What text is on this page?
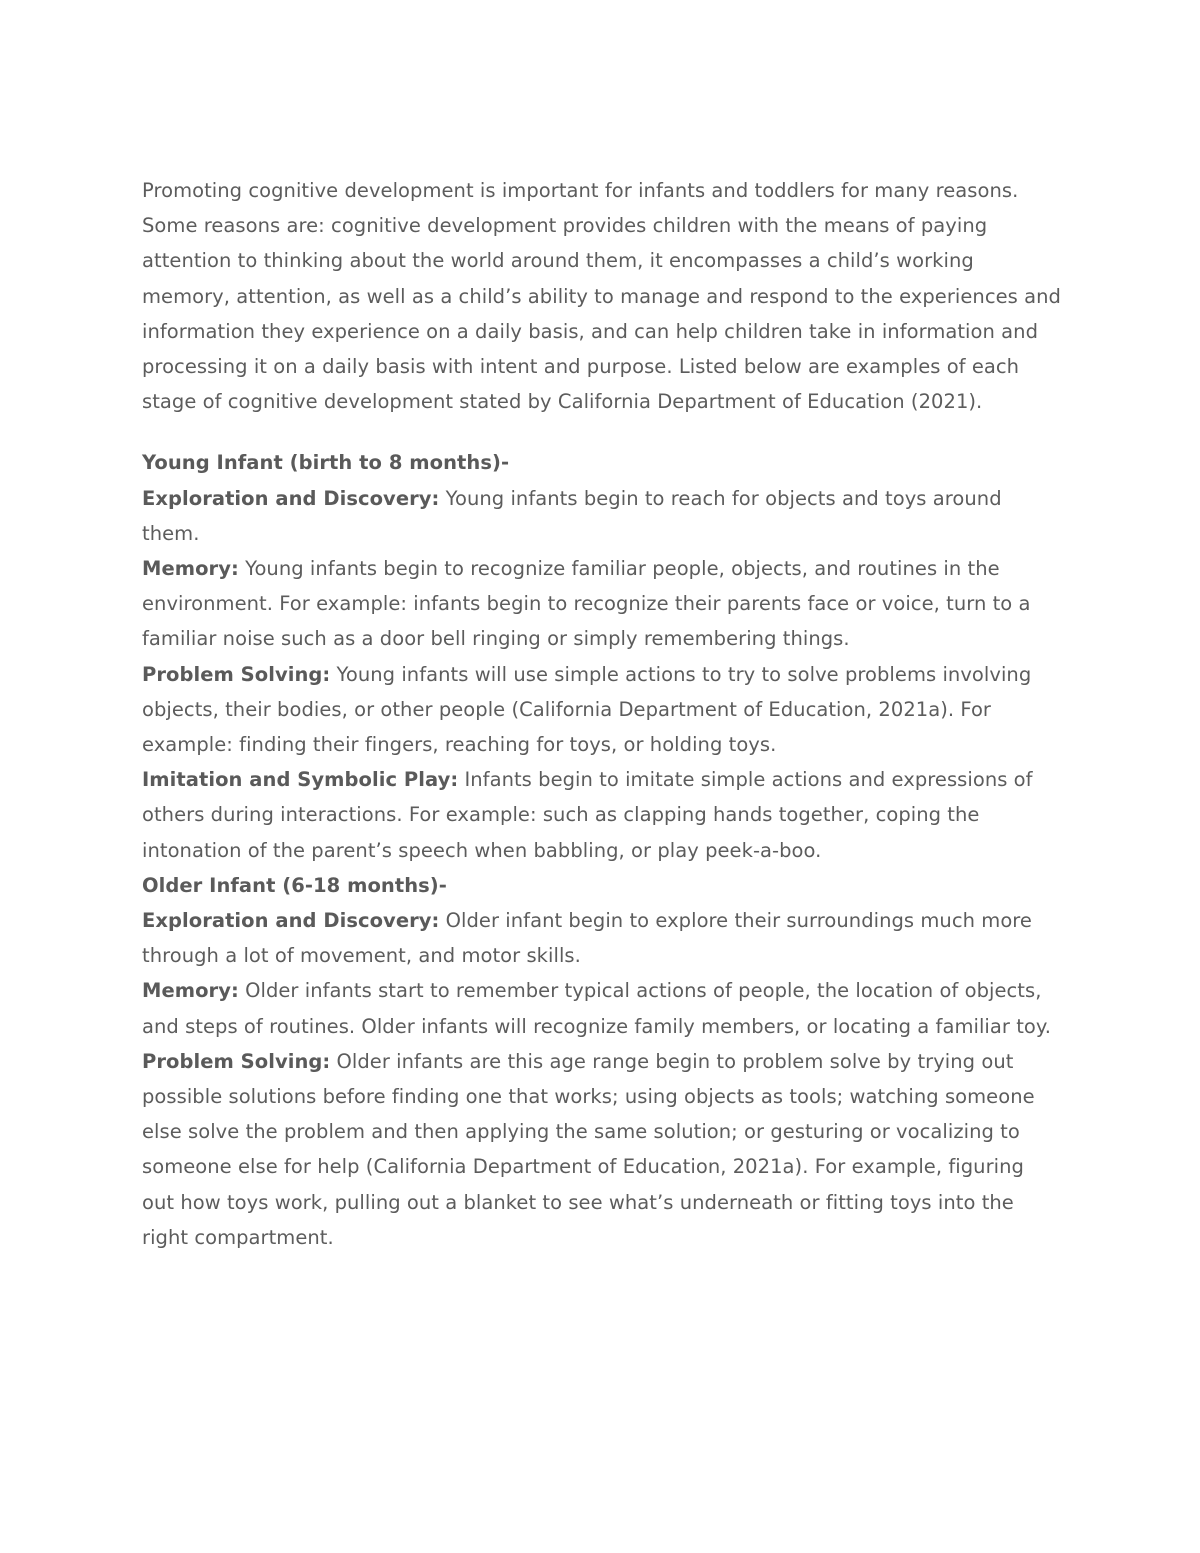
Promoting cognitive development is important for infants and toddlers for many reasons. Some reasons are: cognitive development provides children with the means of paying attention to thinking about the world around them, it encompasses a child’s working memory, attention, as well as a child’s ability to manage and respond to the experiences and information they experience on a daily basis, and can help children take in information and processing it on a daily basis with intent and purpose. Listed below are examples of each stage of cognitive development stated by California Department of Education (2021).

Young Infant (birth to 8 months)-

Exploration and Discovery: Young infants begin to reach for objects and toys around them.

Memory: Young infants begin to recognize familiar people, objects, and routines in the environment. For example: infants begin to recognize their parents face or voice, turn to a familiar noise such as a door bell ringing or simply remembering things.

Problem Solving: Young infants will use simple actions to try to solve problems involving objects, their bodies, or other people (California Department of Education, 2021a). For example: finding their fingers, reaching for toys, or holding toys.

Imitation and Symbolic Play: Infants begin to imitate simple actions and expressions of others during interactions. For example: such as clapping hands together, coping the intonation of the parent’s speech when babbling, or play peek-a-boo.

Older Infant (6-18 months)-

Exploration and Discovery: Older infant begin to explore their surroundings much more through a lot of movement, and motor skills.

Memory: Older infants start to remember typical actions of people, the location of objects, and steps of routines. Older infants will recognize family members, or locating a familiar toy.

Problem Solving: Older infants are this age range begin to problem solve by trying out possible solutions before finding one that works; using objects as tools; watching someone else solve the problem and then applying the same solution; or gesturing or vocalizing to someone else for help (California Department of Education, 2021a). For example, figuring out how toys work, pulling out a blanket to see what’s underneath or fitting toys into the right compartment.
